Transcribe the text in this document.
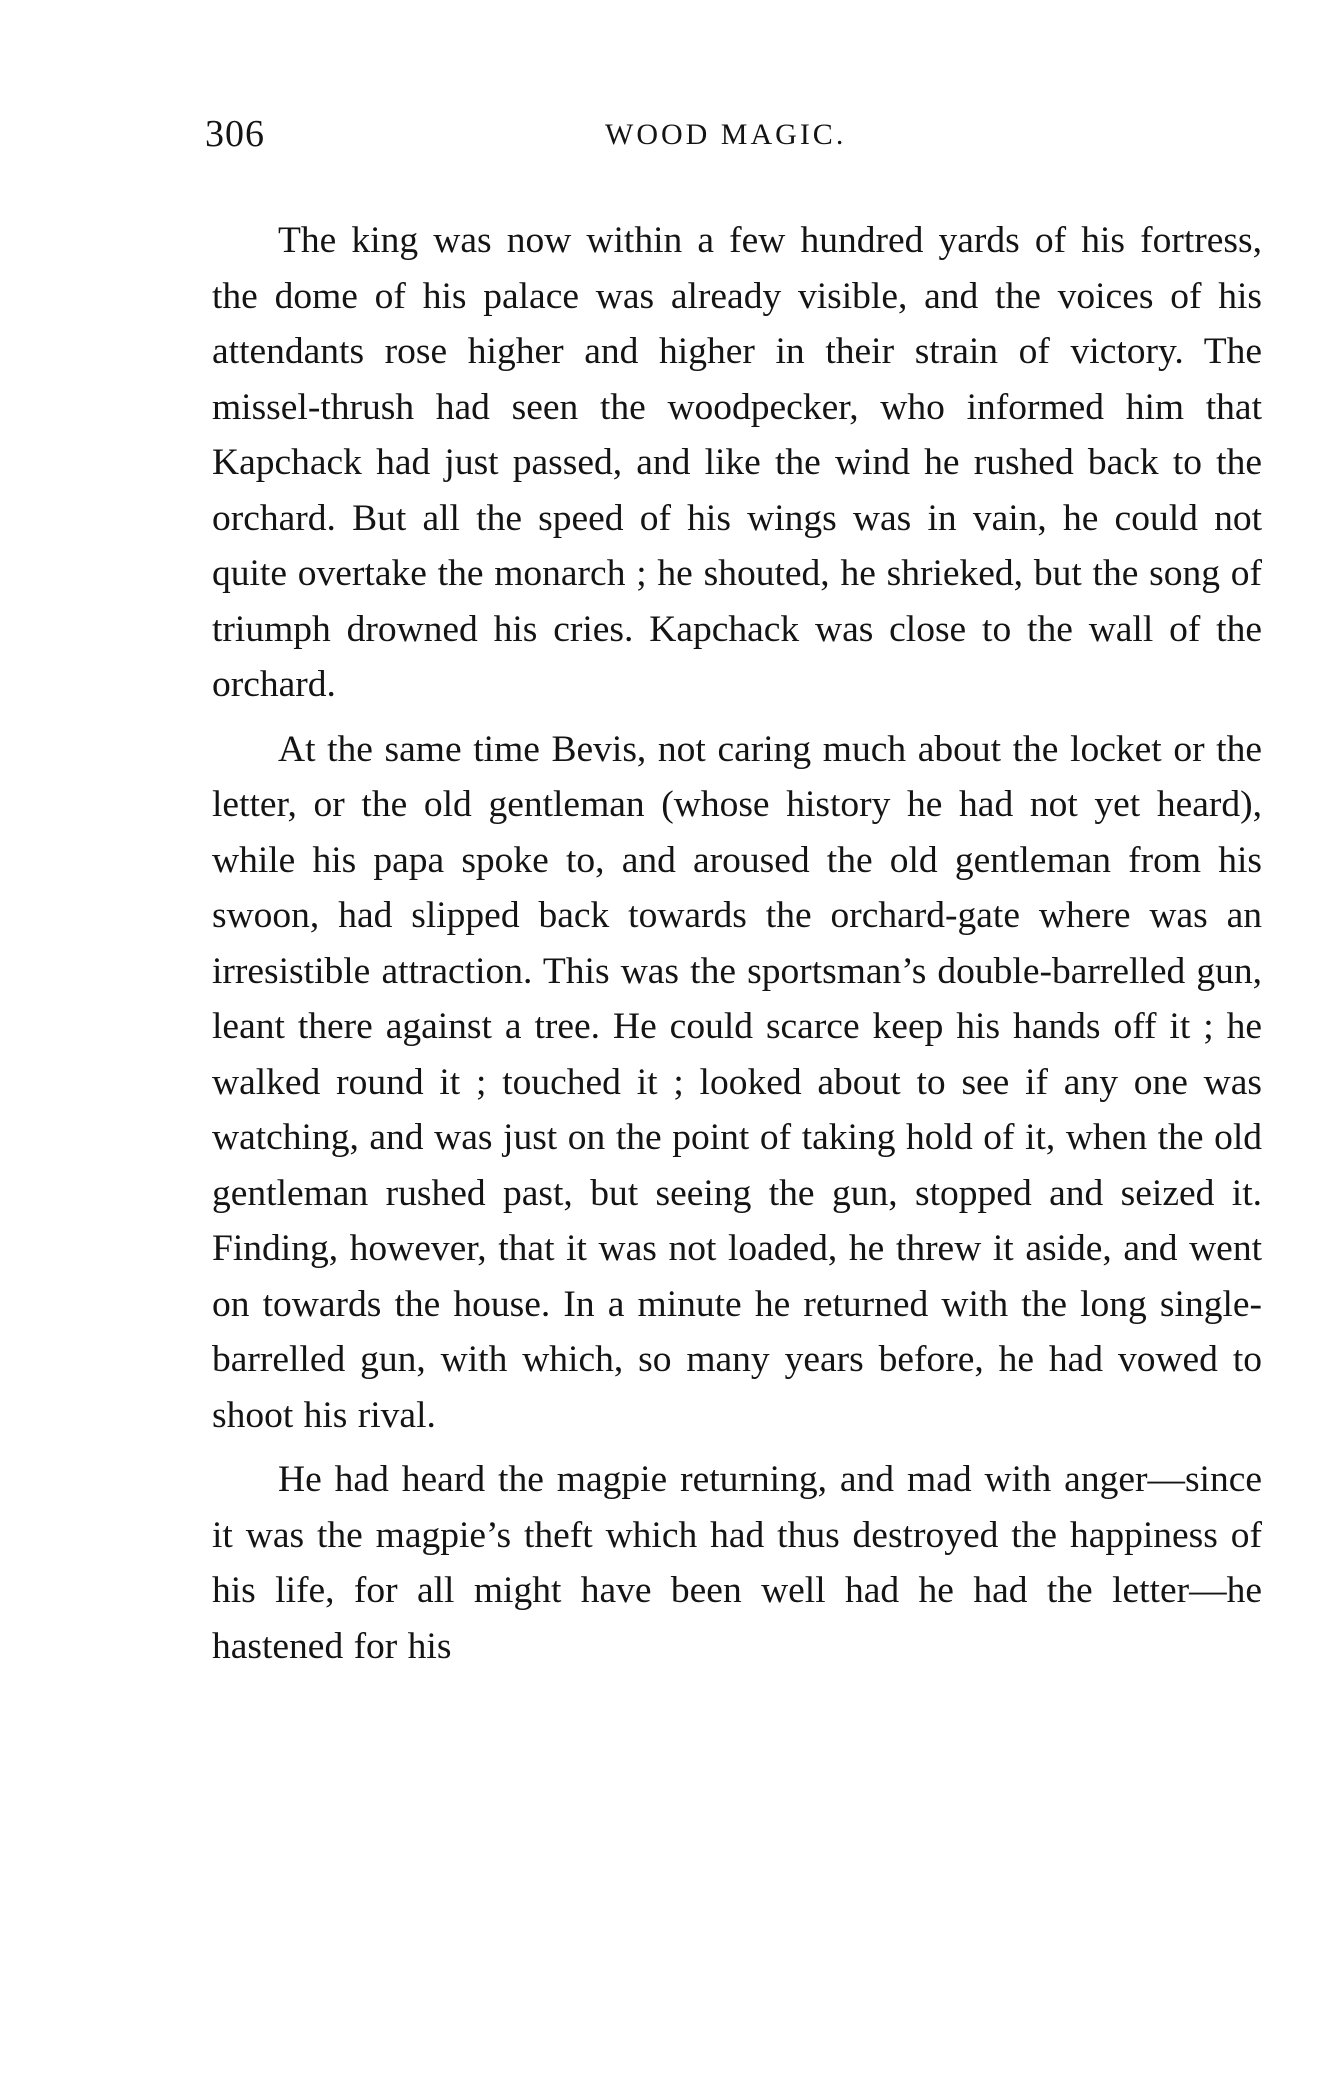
306	WOOD MAGIC.

The king was now within a few hundred yards of his fortress, the dome of his palace was already visible, and the voices of his attendants rose higher and higher in their strain of victory. The missel-thrush had seen the woodpecker, who informed him that Kapchack had just passed, and like the wind he rushed back to the orchard. But all the speed of his wings was in vain, he could not quite overtake the monarch ; he shouted, he shrieked, but the song of triumph drowned his cries. Kapchack was close to the wall of the orchard.

At the same time Bevis, not caring much about the locket or the letter, or the old gentleman (whose history he had not yet heard), while his papa spoke to, and aroused the old gentleman from his swoon, had slipped back towards the orchard-gate where was an irresistible attraction. This was the sportsman’s double-barrelled gun, leant there against a tree. He could scarce keep his hands off it ; he walked round it ; touched it ; looked about to see if any one was watching, and was just on the point of taking hold of it, when the old gentleman rushed past, but seeing the gun, stopped and seized it. Finding, however, that it was not loaded, he threw it aside, and went on towards the house. In a minute he returned with the long single-barrelled gun, with which, so many years before, he had vowed to shoot his rival.

He had heard the magpie returning, and mad with anger—since it was the magpie’s theft which had thus destroyed the happiness of his life, for all might have been well had he had the letter—he hastened for his
